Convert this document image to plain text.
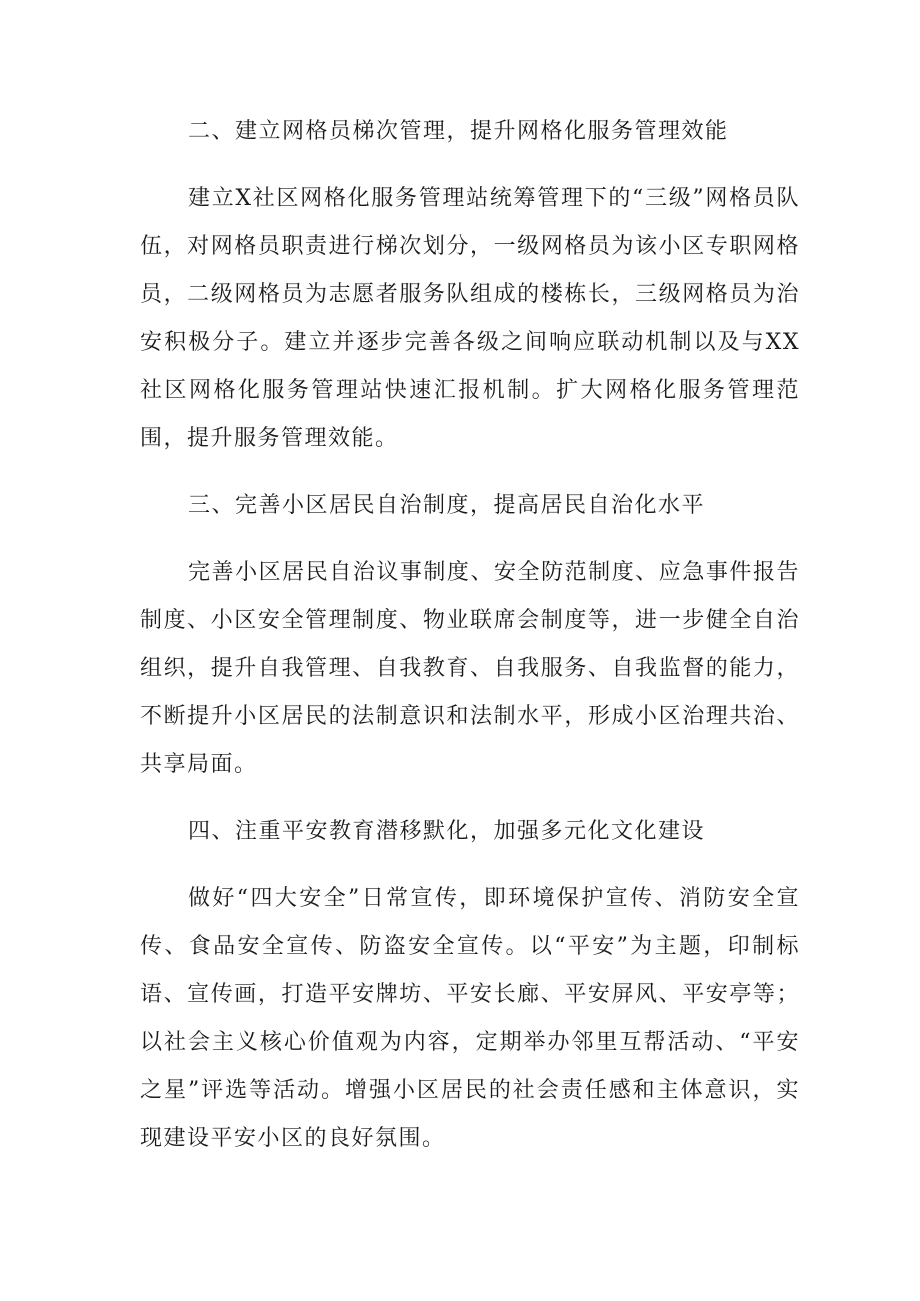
二、建立网格员梯次管理，提升网格化服务管理效能
建立X社区网格化服务管理站统筹管理下的“三级”网格员队伍，对网格员职责进行梯次划分，一级网格员为该小区专职网格员，二级网格员为志愿者服务队组成的楼栋长，三级网格员为治安积极分子。建立并逐步完善各级之间响应联动机制以及与XX社区网格化服务管理站快速汇报机制。扩大网格化服务管理范围，提升服务管理效能。
三、完善小区居民自治制度，提高居民自治化水平
完善小区居民自治议事制度、安全防范制度、应急事件报告制度、小区安全管理制度、物业联席会制度等，进一步健全自治组织，提升自我管理、自我教育、自我服务、自我监督的能力，不断提升小区居民的法制意识和法制水平，形成小区治理共治、共享局面。
四、注重平安教育潜移默化，加强多元化文化建设
做好“四大安全”日常宣传，即环境保护宣传、消防安全宣传、食品安全宣传、防盗安全宣传。以“平安”为主题，印制标语、宣传画，打造平安牌坊、平安长廊、平安屏风、平安亭等；以社会主义核心价值观为内容，定期举办邻里互帮活动、“平安之星”评选等活动。增强小区居民的社会责任感和主体意识，实现建设平安小区的良好氛围。
